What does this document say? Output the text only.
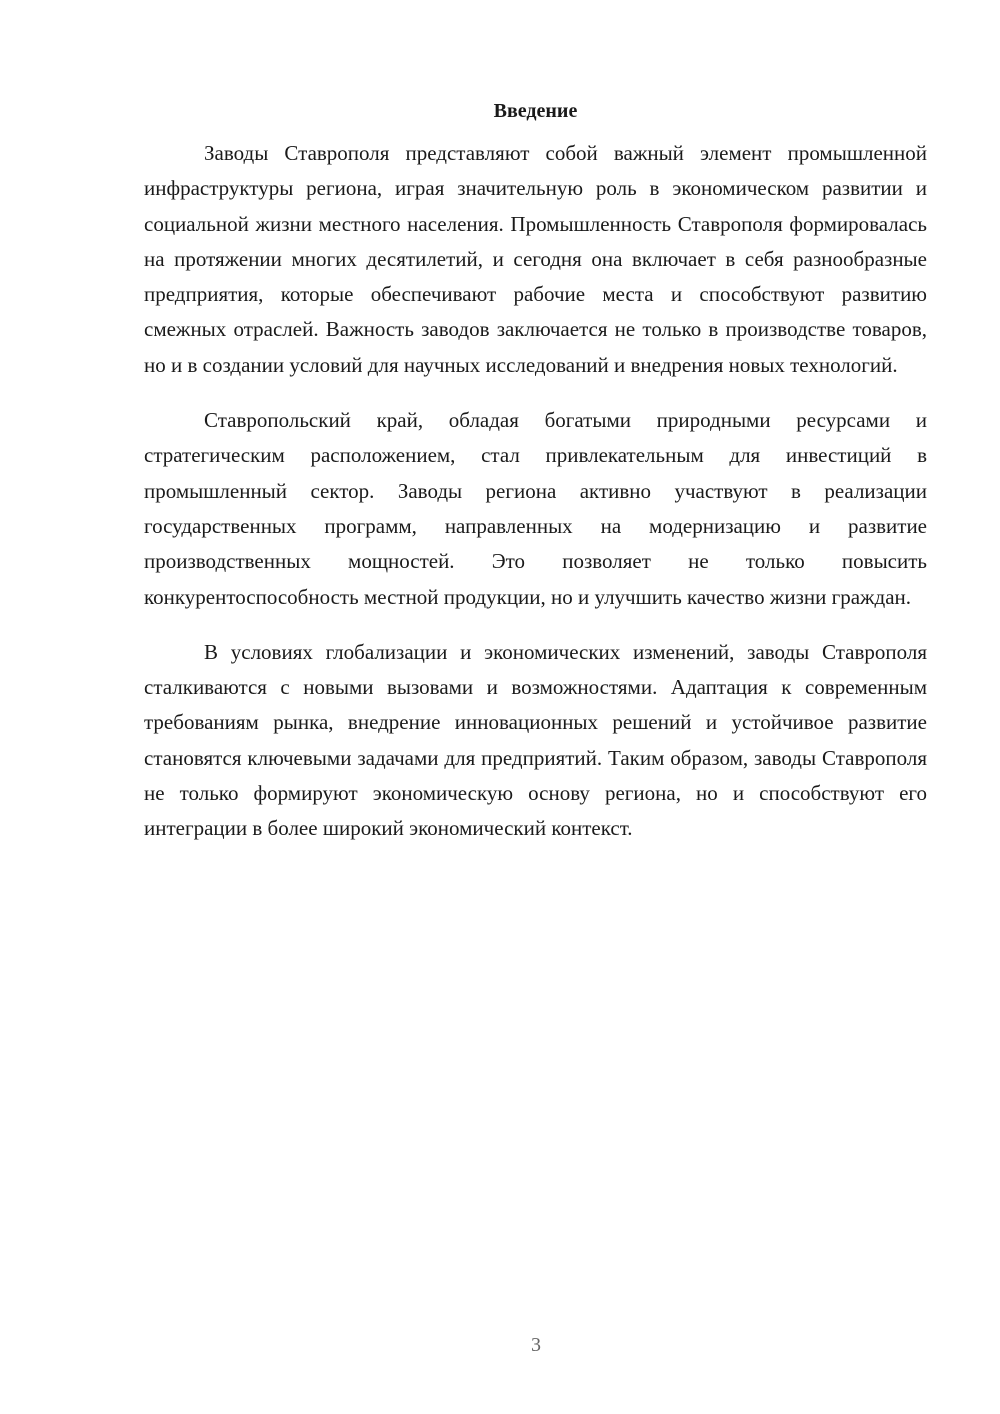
Введение

Заводы Ставрополя представляют собой важный элемент промышленной инфраструктуры региона, играя значительную роль в экономическом развитии и социальной жизни местного населения. Промышленность Ставрополя формировалась на протяжении многих десятилетий, и сегодня она включает в себя разнообразные предприятия, которые обеспечивают рабочие места и способствуют развитию смежных отраслей. Важность заводов заключается не только в производстве товаров, но и в создании условий для научных исследований и внедрения новых технологий.

Ставропольский край, обладая богатыми природными ресурсами и стратегическим расположением, стал привлекательным для инвестиций в промышленный сектор. Заводы региона активно участвуют в реализации государственных программ, направленных на модернизацию и развитие производственных мощностей. Это позволяет не только повысить конкурентоспособность местной продукции, но и улучшить качество жизни граждан.

В условиях глобализации и экономических изменений, заводы Ставрополя сталкиваются с новыми вызовами и возможностями. Адаптация к современным требованиям рынка, внедрение инновационных решений и устойчивое развитие становятся ключевыми задачами для предприятий. Таким образом, заводы Ставрополя не только формируют экономическую основу региона, но и способствуют его интеграции в более широкий экономический контекст.

3
